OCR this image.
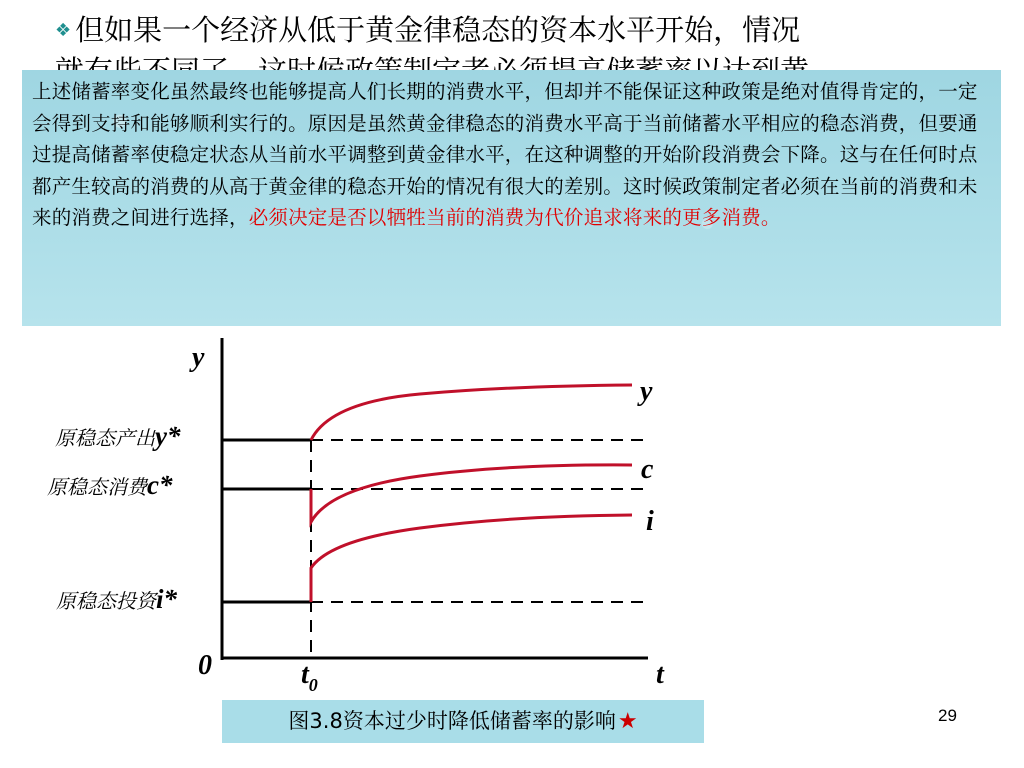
❖ 但如果一个经济从低于黄金律稳态的资本水平开始，情况

上述储蓄率变化虽然最终也能够提高人们长期的消费水平，但却并不能保证这种政策是绝对值得肯定的，一定会得到支持和能够顺利实行的。原因是虽然黄金律稳态的消费水平高于当前储蓄水平相应的稳态消费，但要通过提高储蓄率使稳定状态从当前水平调整到黄金律水平，在这种调整的开始阶段消费会下降。这与在任何时点都产生较高的消费的从高于黄金律的稳态开始的情况有很大的差别。这时候政策制定者必须在当前的消费和未来的消费之间进行选择，必须决定是否以牺牲当前的消费为代价追求将来的更多消费。

y
t
0	$t_0$
y
c
i
原稳态产出y*
原稳态消费c*
原稳态投资i*
图3.8资本过少时降低储蓄率的影响★	29
